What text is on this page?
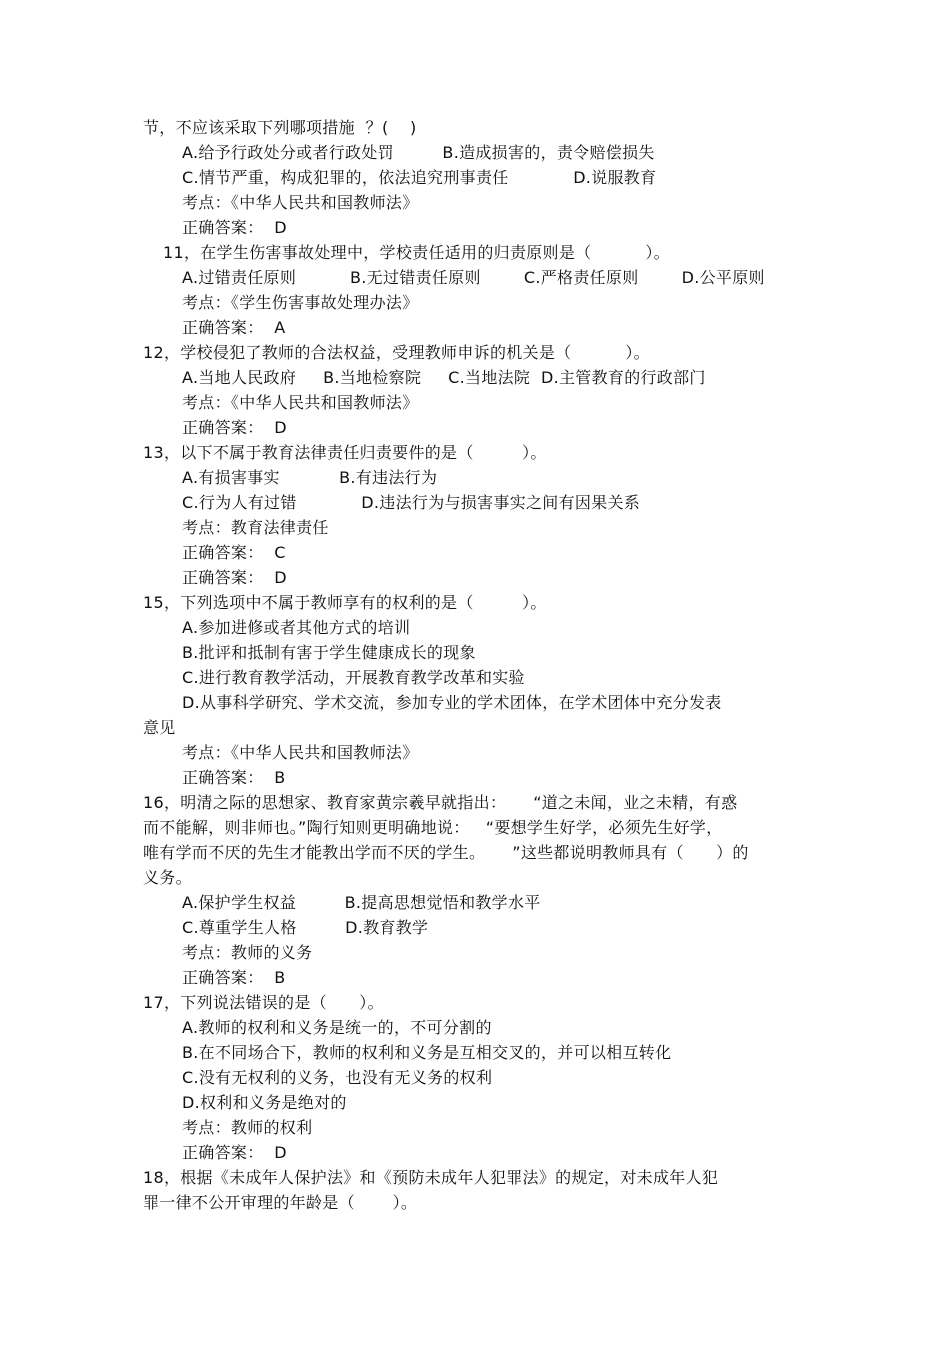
节，不应该采取下列哪项措施  ？(    )
A.给予行政处分或者行政处罚         B.造成损害的，责令赔偿损失
C.情节严重，构成犯罪的，依法追究刑事责任            D.说服教育
考点：《中华人民共和国教师法》
正确答案：  D
11，在学生伤害事故处理中，学校责任适用的归责原则是（          ）。
A.过错责任原则          B.无过错责任原则        C.严格责任原则        D.公平原则
考点：《学生伤害事故处理办法》
正确答案：  A
12，学校侵犯了教师的合法权益，受理教师申诉的机关是（          ）。
A.当地人民政府     B.当地检察院     C.当地法院  D.主管教育的行政部门
考点：《中华人民共和国教师法》
正确答案：  D
13，以下不属于教育法律责任归责要件的是（         ）。
A.有损害事实           B.有违法行为
C.行为人有过错            D.违法行为与损害事实之间有因果关系
考点：教育法律责任
正确答案：  C
正确答案：  D
15，下列选项中不属于教师享有的权利的是（         ）。
A.参加进修或者其他方式的培训
B.批评和抵制有害于学生健康成长的现象
C.进行教育教学活动，开展教育教学改革和实验
D.从事科学研究、学术交流，参加专业的学术团体，在学术团体中充分发表
意见
考点：《中华人民共和国教师法》
正确答案：  B
16，明清之际的思想家、教育家黄宗羲早就指出：     “道之未闻，业之未精，有惑
而不能解，则非师也。”陶行知则更明确地说：   “要想学生好学，必须先生好学，
唯有学而不厌的先生才能教出学而不厌的学生。     ”这些都说明教师具有（      ）的
义务。
A.保护学生权益         B.提高思想觉悟和教学水平
C.尊重学生人格         D.教育教学
考点：教师的义务
正确答案：  B
17，下列说法错误的是（      ）。
A.教师的权利和义务是统一的，不可分割的
B.在不同场合下，教师的权利和义务是互相交叉的，并可以相互转化
C.没有无权利的义务，也没有无义务的权利
D.权利和义务是绝对的
考点：教师的权利
正确答案：  D
18，根据《未成年人保护法》和《预防未成年人犯罪法》的规定，对未成年人犯
罪一律不公开审理的年龄是（       ）。
